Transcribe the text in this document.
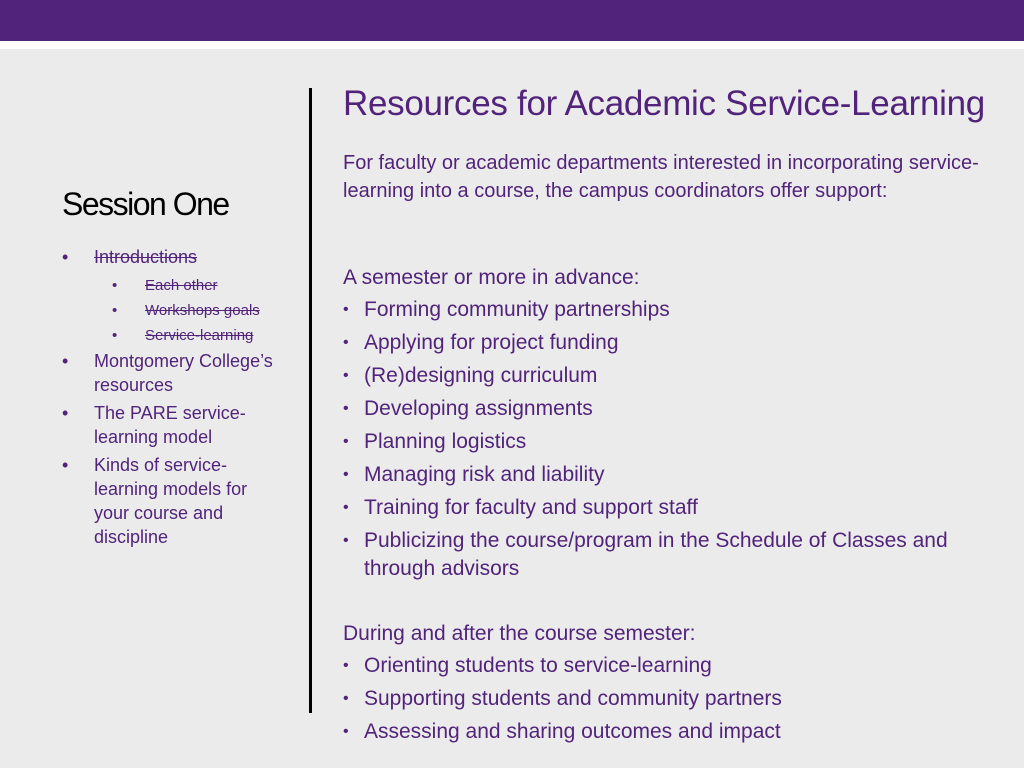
Session One
•	Introductions
• Each other
• Workshops goals
• Service-learning
•	Montgomery College’s resources
•	The PARE service-learning model
•	Kinds of service-learning models for your course and discipline
Resources for Academic Service-Learning
For faculty or academic departments interested in incorporating service-learning into a course, the campus coordinators offer support:
A semester or more in advance:
• Forming community partnerships
• Applying for project funding
• (Re)designing curriculum
• Developing assignments
• Planning logistics
• Managing risk and liability
• Training for faculty and support staff
• Publicizing the course/program in the Schedule of Classes and through advisors
During and after the course semester:
• Orienting students to service-learning
• Supporting students and community partners
• Assessing and sharing outcomes and impact
